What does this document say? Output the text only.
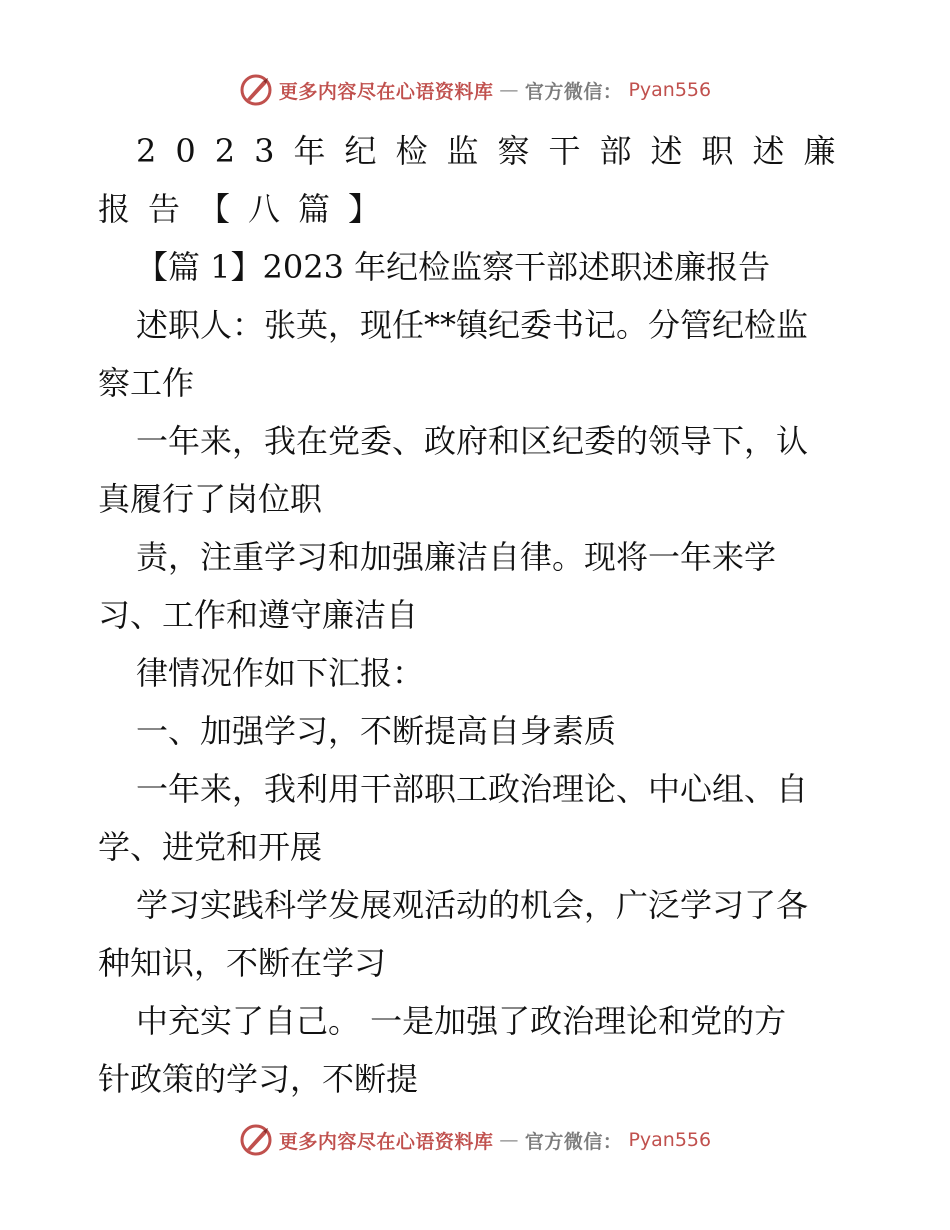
更多内容尽在心语资料库 — 官方微信： Pyan556
2023年纪检监察干部述职述廉
报告【八篇】
【篇 1】2023 年纪检监察干部述职述廉报告
述职人：张英，现任**镇纪委书记。分管纪检监
察工作
一年来，我在党委、政府和区纪委的领导下，认
真履行了岗位职
责，注重学习和加强廉洁自律。现将一年来学
习、工作和遵守廉洁自
律情况作如下汇报：
一、加强学习，不断提高自身素质
一年来，我利用干部职工政治理论、中心组、自
学、进党和开展
学习实践科学发展观活动的机会，广泛学习了各
种知识，不断在学习
中充实了自己。 一是加强了政治理论和党的方
针政策的学习，不断提
更多内容尽在心语资料库 — 官方微信： Pyan556
